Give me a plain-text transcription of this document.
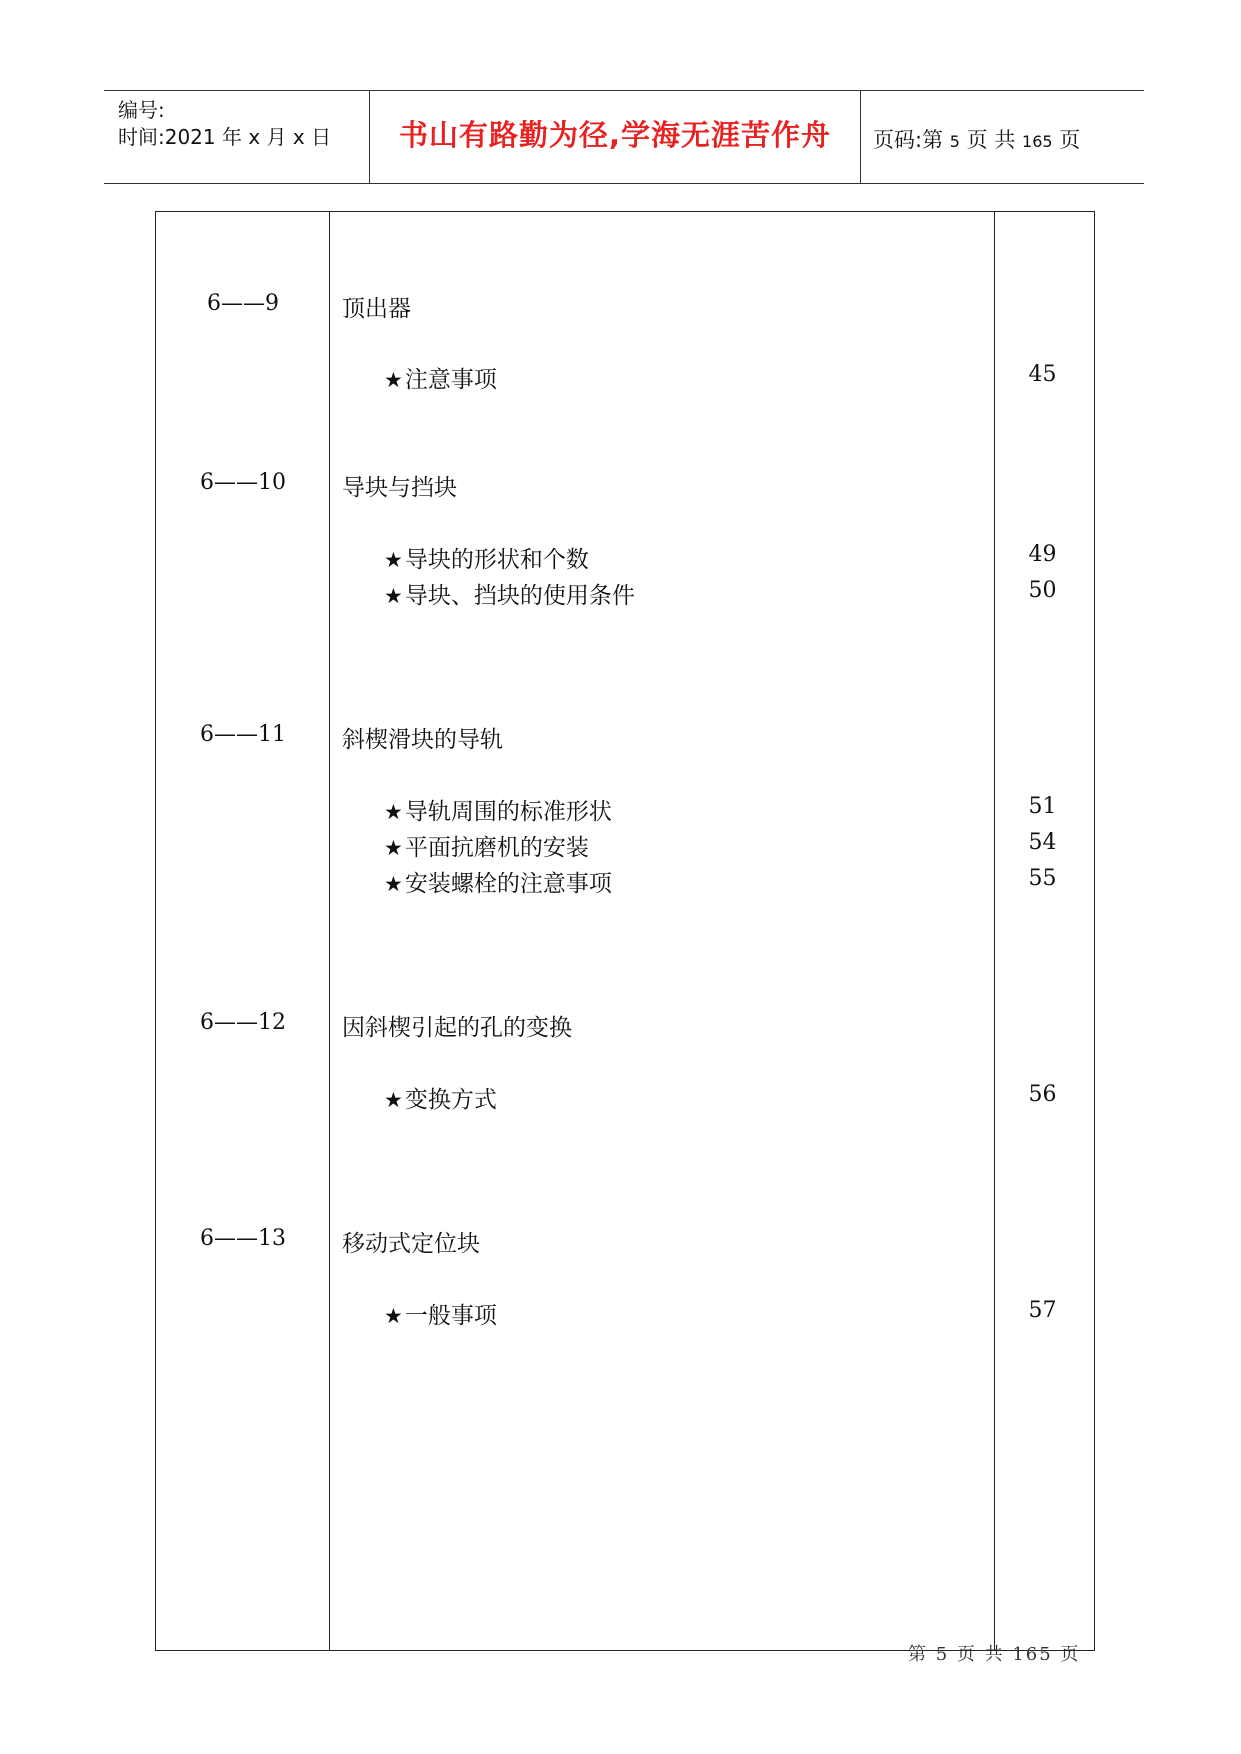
编号:
时间:2021 年 x 月 x 日	书山有路勤为径,学海无涯苦作舟	页码:第 5 页 共 165 页
6——9	顶出器
★注意事项	45
6——10	导块与挡块
★导块的形状和个数	49
★导块、挡块的使用条件	50
6——11	斜楔滑块的导轨
★导轨周围的标准形状	51
★平面抗磨机的安装	54
★安装螺栓的注意事项	55
6——12	因斜楔引起的孔的变换
★变换方式	56
6——13	移动式定位块
★一般事项	57
第 5 页 共 165 页
